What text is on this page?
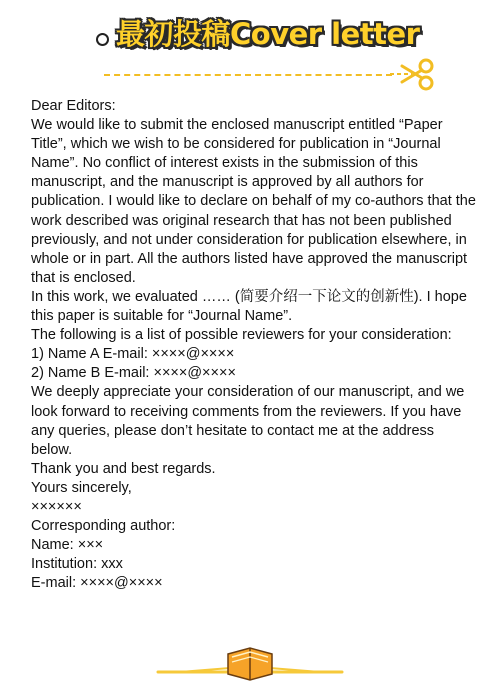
最初投稿Cover letter

Dear Editors:

We would like to submit the enclosed manuscript entitled “Paper Title”, which we wish to be considered for publication in “Journal Name”. No conflict of interest exists in the submission of this manuscript, and the manuscript is approved by all authors for publication. I would like to declare on behalf of my co-authors that the work described was original research that has not been published previously, and not under consideration for publication elsewhere, in whole or in part. All the authors listed have approved the manuscript that is enclosed.

In this work, we evaluated …… (简要介绍一下论文的创新性). I hope this paper is suitable for “Journal Name”.

The following is a list of possible reviewers for your consideration:

1) Name A E-mail: ××××@××××

2) Name B E-mail: ××××@××××

We deeply appreciate your consideration of our manuscript, and we look forward to receiving comments from the reviewers. If you have any queries, please don’t hesitate to contact me at the address below.

Thank you and best regards.

Yours sincerely,

××××××

Corresponding author:

Name: ×××

Institution: xxx

E-mail: ××××@××××
